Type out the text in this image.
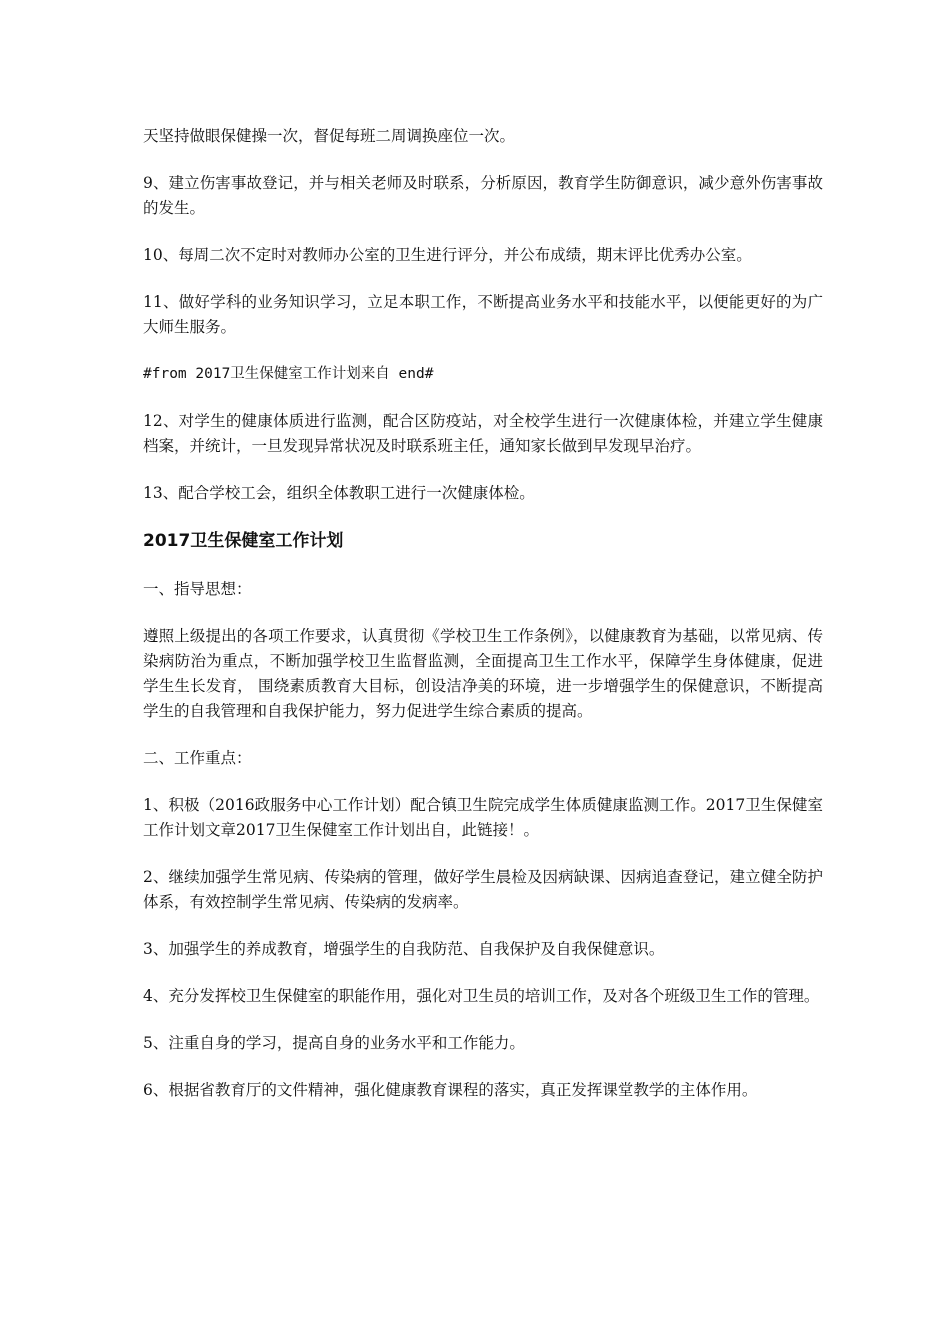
天坚持做眼保健操一次，督促每班二周调换座位一次。

9、建立伤害事故登记，并与相关老师及时联系，分析原因，教育学生防御意识，减少意外伤害事故的发生。

10、每周二次不定时对教师办公室的卫生进行评分，并公布成绩，期末评比优秀办公室。

11、做好学科的业务知识学习，立足本职工作，不断提高业务水平和技能水平，以便能更好的为广大师生服务。

#from 2017卫生保健室工作计划来自 end#

12、对学生的健康体质进行监测，配合区防疫站，对全校学生进行一次健康体检，并建立学生健康档案，并统计，一旦发现异常状况及时联系班主任，通知家长做到早发现早治疗。

13、配合学校工会，组织全体教职工进行一次健康体检。

2017卫生保健室工作计划

一、指导思想：

遵照上级提出的各项工作要求，认真贯彻《学校卫生工作条例》，以健康教育为基础，以常见病、传染病防治为重点，不断加强学校卫生监督监测，全面提高卫生工作水平，保障学生身体健康，促进学生生长发育， 围绕素质教育大目标，创设洁净美的环境，进一步增强学生的保健意识，不断提高学生的自我管理和自我保护能力，努力促进学生综合素质的提高。

二、工作重点：

1、积极（2016政服务中心工作计划）配合镇卫生院完成学生体质健康监测工作。2017卫生保健室工作计划文章2017卫生保健室工作计划出自，此链接！。

2、继续加强学生常见病、传染病的管理，做好学生晨检及因病缺课、因病追查登记，建立健全防护体系，有效控制学生常见病、传染病的发病率。

3、加强学生的养成教育，增强学生的自我防范、自我保护及自我保健意识。

4、充分发挥校卫生保健室的职能作用，强化对卫生员的培训工作，及对各个班级卫生工作的管理。

5、注重自身的学习，提高自身的业务水平和工作能力。

6、根据省教育厅的文件精神，强化健康教育课程的落实，真正发挥课堂教学的主体作用。
